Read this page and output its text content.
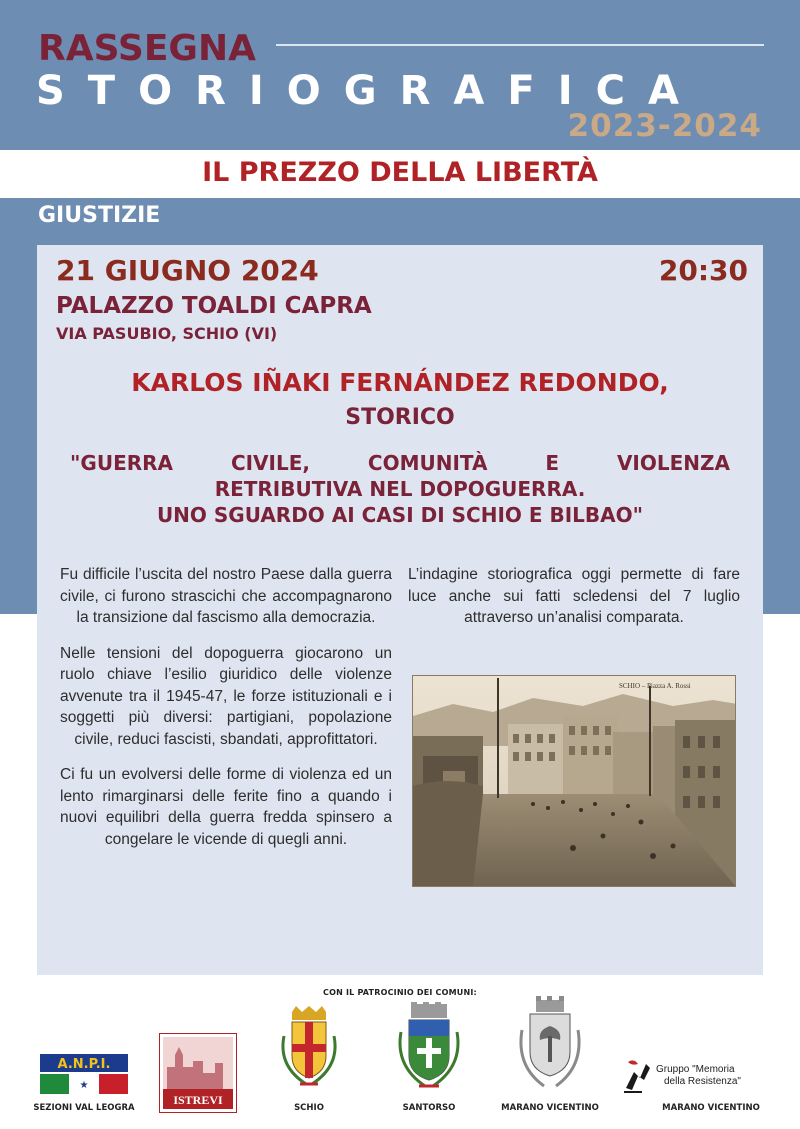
RASSEGNA
STORIOGRAFICA
2023-2024
IL PREZZO DELLA LIBERTÀ
GIUSTIZIE
21 GIUGNO 2024	20:30
PALAZZO TOALDI CAPRA
VIA PASUBIO, SCHIO (VI)
KARLOS IÑAKI FERNÁNDEZ REDONDO,
STORICO
"GUERRA	CIVILE,	COMUNITÀ	E	VIOLENZA
RETRIBUTIVA NEL DOPOGUERRA.
UNO SGUARDO AI CASI DI SCHIO E BILBAO"

Fu difficile l’uscita del nostro Paese dalla guerra civile, ci furono strascichi che accompagnarono la transizione dal fascismo alla democrazia.

Nelle tensioni del dopoguerra giocarono un ruolo chiave l’esilio giuridico delle violenze avvenute tra il 1945-47, le forze istituzionali e i soggetti più diversi: partigiani, popolazione civile, reduci fascisti, sbandati, approfittatori.

Ci fu un evolversi delle forme di violenza ed un lento rimarginarsi delle ferite fino a quando i nuovi equilibri della guerra fredda spinsero a congelare le vicende di quegli anni.

L’indagine storiografica oggi permette di fare luce anche sui fatti scledensi del 7 luglio attraverso un’analisi comparata.
SCHIO – Piazza A. Rossi
CON IL PATROCINIO DEI COMUNI:
A.N.P.I.
★
SEZIONI VAL LEOGRA
ISTREVI
SCHIO	SANTORSO	MARANO VICENTINO
Gruppo "Memoria
della Resistenza"
MARANO VICENTINO
